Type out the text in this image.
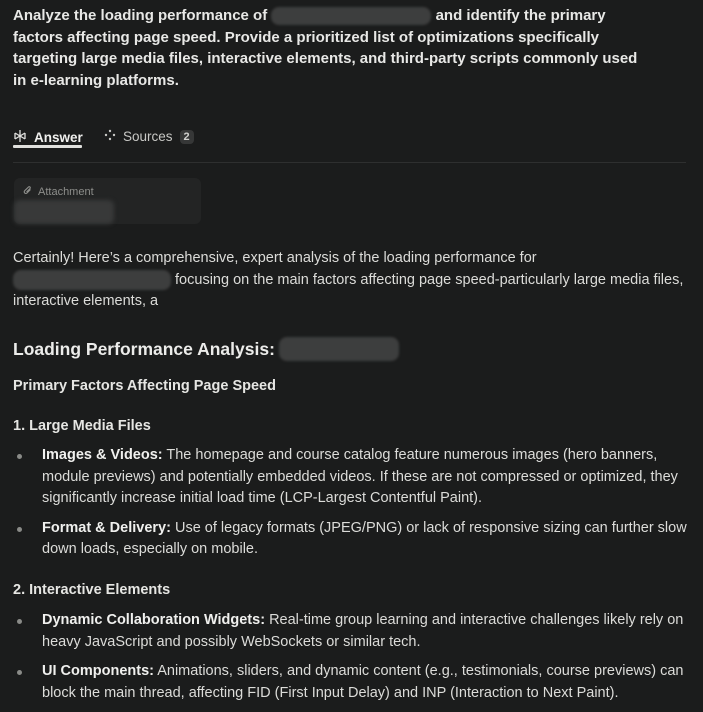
Analyze the loading performance of	and identify the primary factors affecting page speed. Provide a prioritized list of optimizations specifically targeting large media files, interactive elements, and third-party scripts commonly used in e-learning platforms.
Answer	Sources	2
Attachment
Certainly! Here’s a comprehensive, expert analysis of the loading performance for
focusing on the main factors affecting page speed-particularly large media files, interactive elements, a
Loading Performance Analysis:
Primary Factors Affecting Page Speed
1. Large Media Files
Images & Videos: The homepage and course catalog feature numerous images (hero banners, module previews) and potentially embedded videos. If these are not compressed or optimized, they significantly increase initial load time (LCP-Largest Contentful Paint).
Format & Delivery: Use of legacy formats (JPEG/PNG) or lack of responsive sizing can further slow down loads, especially on mobile.
2. Interactive Elements
Dynamic Collaboration Widgets: Real-time group learning and interactive challenges likely rely on heavy JavaScript and possibly WebSockets or similar tech.
UI Components: Animations, sliders, and dynamic content (e.g., testimonials, course previews) can block the main thread, affecting FID (First Input Delay) and INP (Interaction to Next Paint).
